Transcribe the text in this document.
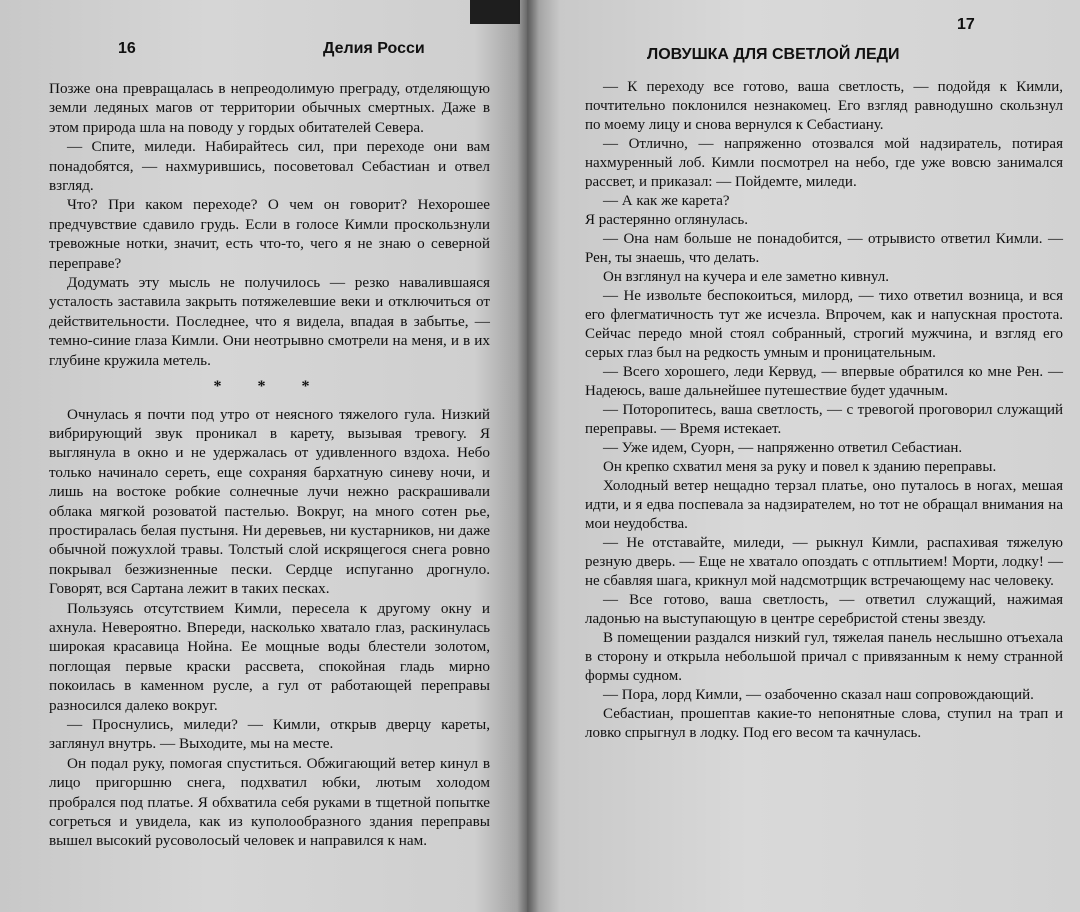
16	Делия Росси

Позже она превращалась в непреодолимую преграду, отделяющую земли ледяных магов от территории обычных смертных. Даже в этом природа шла на поводу у гордых обитателей Севера.

— Спите, миледи. Набирайтесь сил, при переходе они вам понадобятся, — нахмурившись, посоветовал Себастиан и отвел взгляд.

Что? При каком переходе? О чем он говорит? Нехорошее предчувствие сдавило грудь. Если в голосе Кимли проскользнули тревожные нотки, значит, есть что-то, чего я не знаю о северной переправе?

Додумать эту мысль не получилось — резко навалившаяся усталость заставила закрыть потяжелевшие веки и отключиться от действительности. Последнее, что я видела, впадая в забытье, — темно-синие глаза Кимли. Они неотрывно смотрели на меня, и в их глубине кружила метель.

* * *

Очнулась я почти под утро от неясного тяжелого гула. Низкий вибрирующий звук проникал в карету, вызывая тревогу. Я выглянула в окно и не удержалась от удивленного вздоха. Небо только начинало сереть, еще сохраняя бархатную синеву ночи, и лишь на востоке робкие солнечные лучи нежно раскрашивали облака мягкой розоватой пастелью. Вокруг, на много сотен рье, простиралась белая пустыня. Ни деревьев, ни кустарников, ни даже обычной пожухлой травы. Толстый слой искрящегося снега ровно покрывал безжизненные пески. Сердце испуганно дрогнуло. Говорят, вся Сартана лежит в таких песках.

Пользуясь отсутствием Кимли, пересела к другому окну и ахнула. Невероятно. Впереди, насколько хватало глаз, раскинулась широкая красавица Нойна. Ее мощные воды блестели золотом, поглощая первые краски рассвета, спокойная гладь мирно покоилась в каменном русле, а гул от работающей переправы разносился далеко вокруг.

— Проснулись, миледи? — Кимли, открыв дверцу кареты, заглянул внутрь. — Выходите, мы на месте.

Он подал руку, помогая спуститься. Обжигающий ветер кинул в лицо пригоршню снега, подхватил юбки, лютым холодом пробрался под платье. Я обхватила себя руками в тщетной попытке согреться и увидела, как из куполообразного здания переправы вышел высокий русоволосый человек и направился к нам.

ЛОВУШКА ДЛЯ СВЕТЛОЙ ЛЕДИ
17

— К переходу все готово, ваша светлость, — подойдя к Кимли, почтительно поклонился незнакомец. Его взгляд равнодушно скользнул по моему лицу и снова вернулся к Себастиану.

— Отлично, — напряженно отозвался мой надзиратель, потирая нахмуренный лоб. Кимли посмотрел на небо, где уже вовсю занимался рассвет, и приказал: — Пойдемте, миледи.

— А как же карета?

Я растерянно оглянулась.

— Она нам больше не понадобится, — отрывисто ответил Кимли. — Рен, ты знаешь, что делать.

Он взглянул на кучера и еле заметно кивнул.

— Не извольте беспокоиться, милорд, — тихо ответил возница, и вся его флегматичность тут же исчезла. Впрочем, как и напускная простота. Сейчас передо мной стоял собранный, строгий мужчина, и взгляд его серых глаз был на редкость умным и проницательным.

— Всего хорошего, леди Кервуд, — впервые обратился ко мне Рен. — Надеюсь, ваше дальнейшее путешествие будет удачным.

— Поторопитесь, ваша светлость, — с тревогой проговорил служащий переправы. — Время истекает.

— Уже идем, Суорн, — напряженно ответил Себастиан.

Он крепко схватил меня за руку и повел к зданию переправы.

Холодный ветер нещадно терзал платье, оно путалось в ногах, мешая идти, и я едва поспевала за надзирателем, но тот не обращал внимания на мои неудобства.

— Не отставайте, миледи, — рыкнул Кимли, распахивая тяжелую резную дверь. — Еще не хватало опоздать с отплытием! Морти, лодку! — не сбавляя шага, крикнул мой надсмотрщик встречающему нас человеку.

— Все готово, ваша светлость, — ответил служащий, нажимая ладонью на выступающую в центре серебристой стены звезду.

В помещении раздался низкий гул, тяжелая панель неслышно отъехала в сторону и открыла небольшой причал с привязанным к нему странной формы судном.

— Пора, лорд Кимли, — озабоченно сказал наш сопровождающий.

Себастиан, прошептав какие-то непонятные слова, ступил на трап и ловко спрыгнул в лодку. Под его весом та качнулась.
